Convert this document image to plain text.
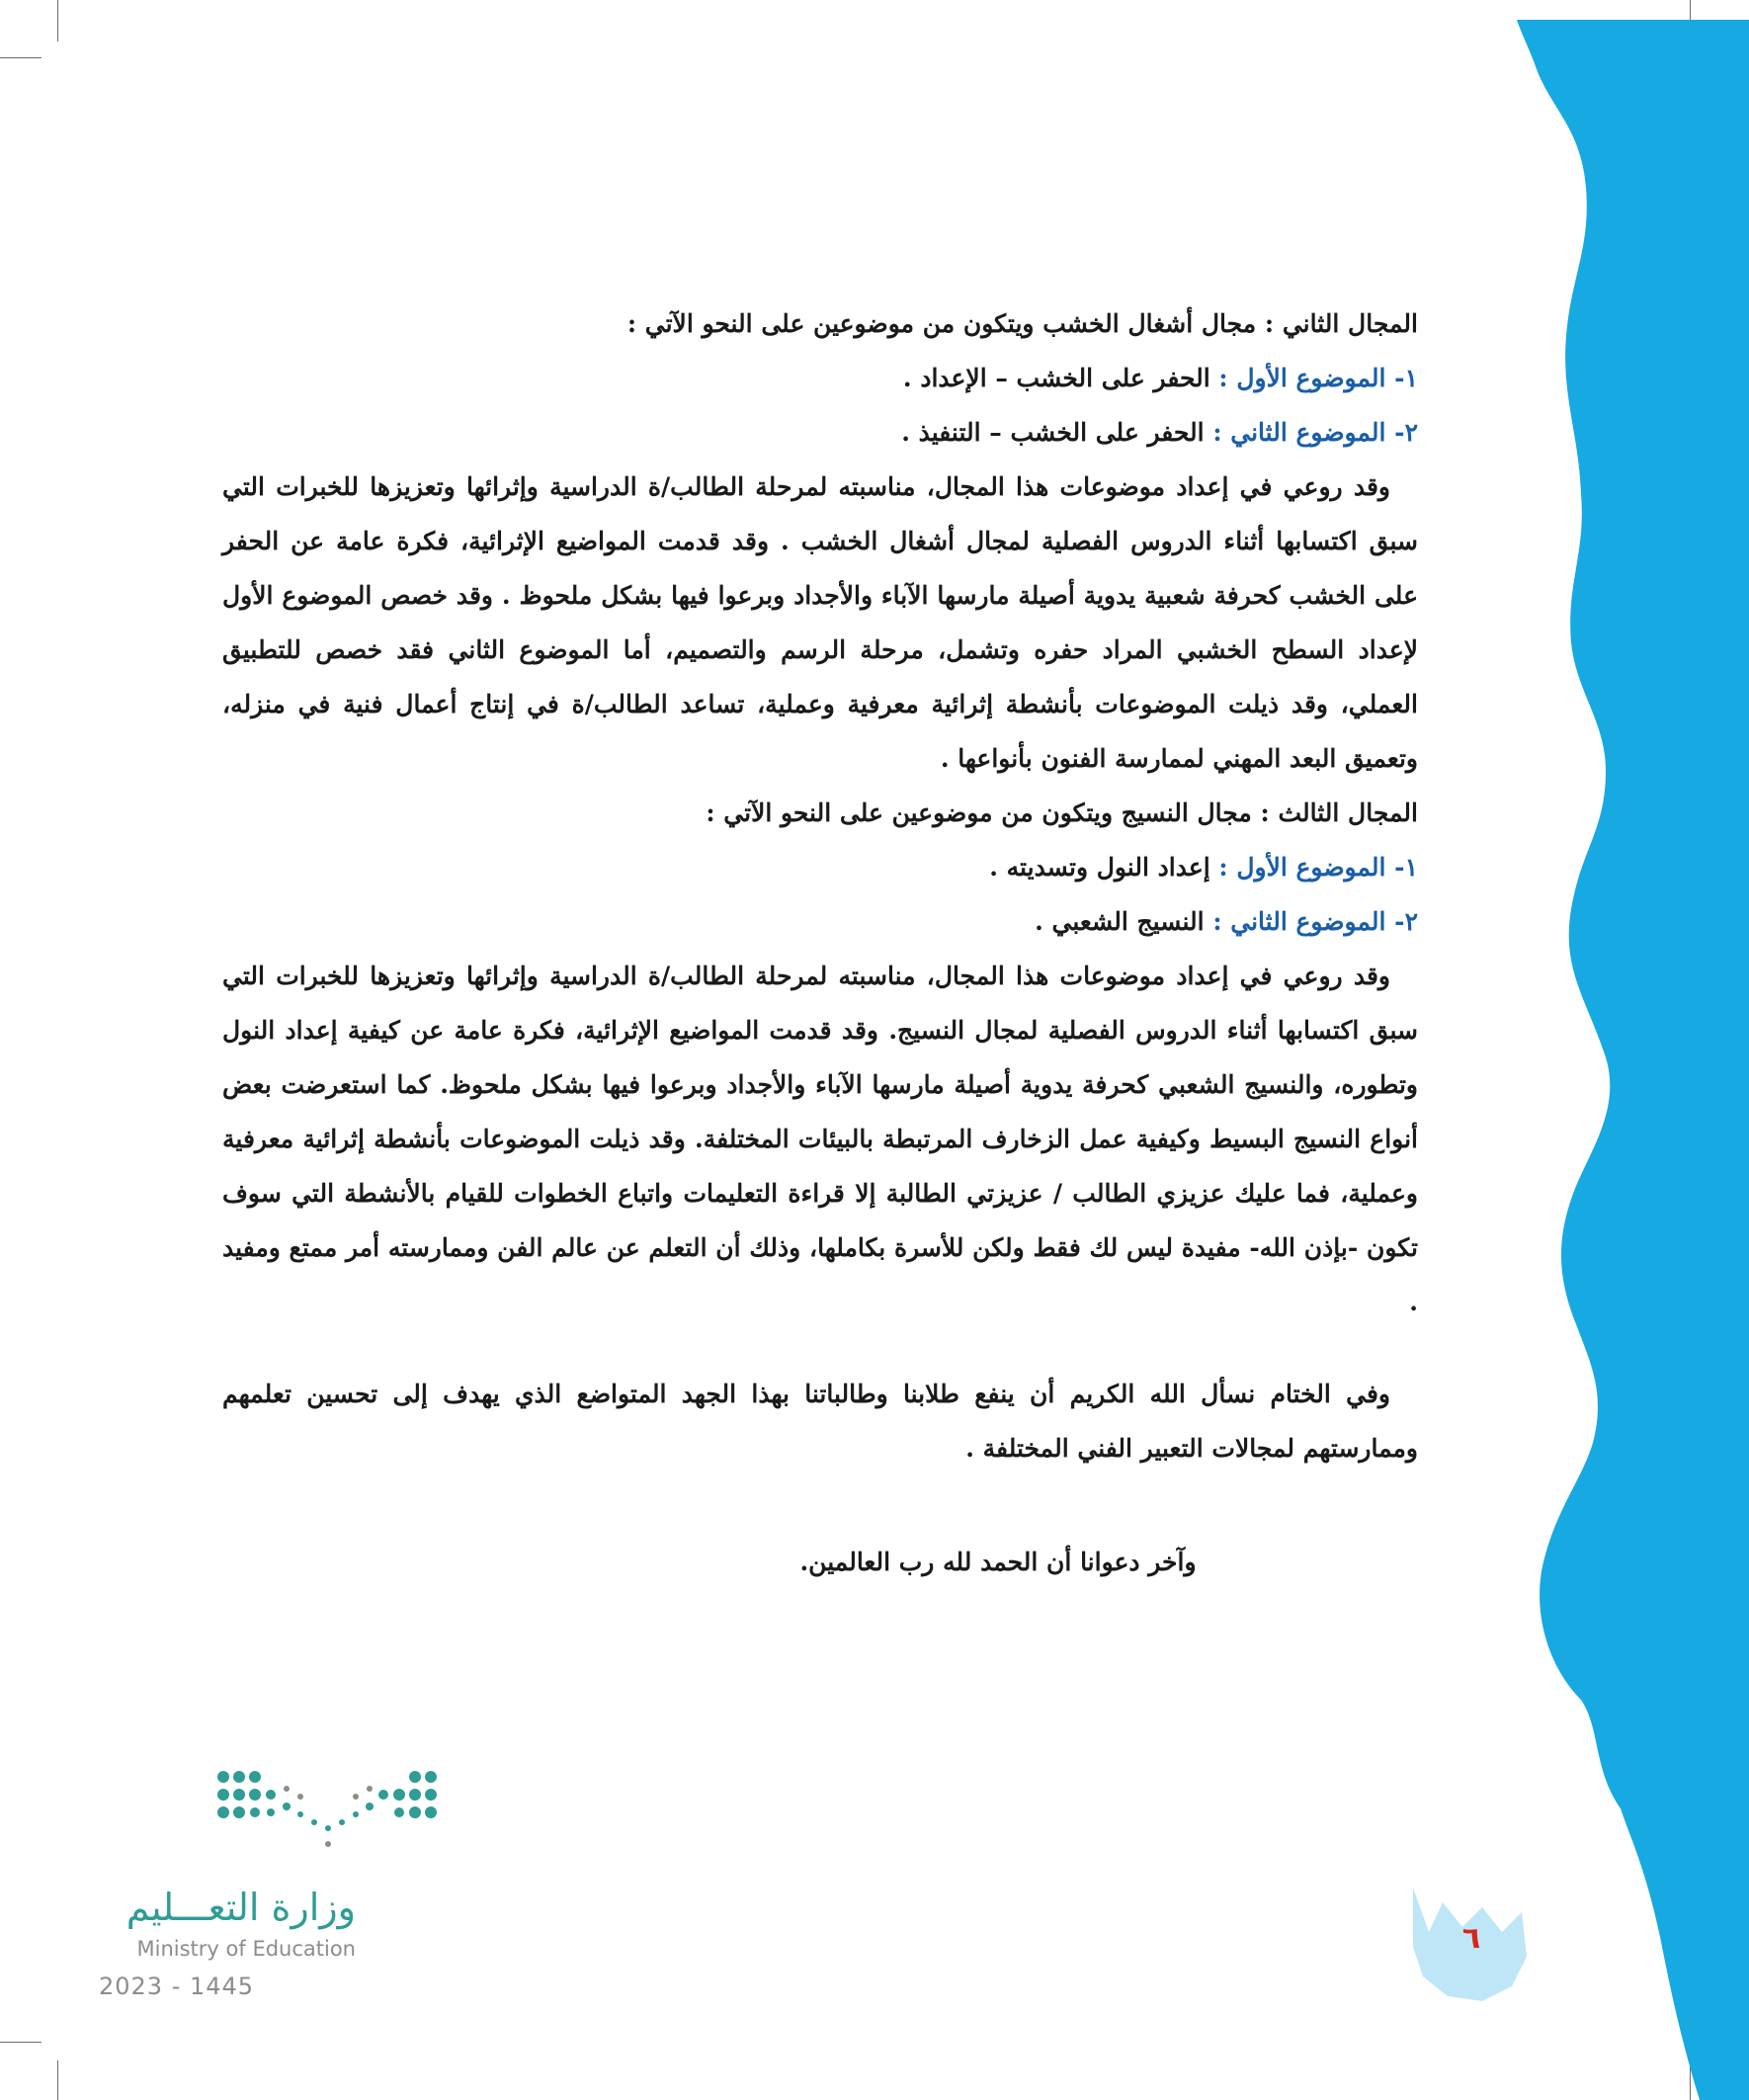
المجال الثاني : مجال أشغال الخشب ويتكون من موضوعين على النحو الآتي :

١- الموضوع الأول : الحفر على الخشب – الإعداد .

٢- الموضوع الثاني : الحفر على الخشب – التنفيذ .

وقد روعي في إعداد موضوعات هذا المجال، مناسبته لمرحلة الطالب/ة الدراسية وإثرائها وتعزيزها للخبرات التي سبق اكتسابها أثناء الدروس الفصلية لمجال أشغال الخشب . وقد قدمت المواضيع الإثرائية، فكرة عامة عن الحفر على الخشب كحرفة شعبية يدوية أصيلة مارسها الآباء والأجداد وبرعوا فيها بشكل ملحوظ . وقد خصص الموضوع الأول لإعداد السطح الخشبي المراد حفره وتشمل، مرحلة الرسم والتصميم، أما الموضوع الثاني فقد خصص للتطبيق العملي، وقد ذيلت الموضوعات بأنشطة إثرائية معرفية وعملية، تساعد الطالب/ة في إنتاج أعمال فنية في منزله، وتعميق البعد المهني لممارسة الفنون بأنواعها .

المجال الثالث : مجال النسيج ويتكون من موضوعين على النحو الآتي :

١- الموضوع الأول : إعداد النول وتسديته .

٢- الموضوع الثاني : النسيج الشعبي .

وقد روعي في إعداد موضوعات هذا المجال، مناسبته لمرحلة الطالب/ة الدراسية وإثرائها وتعزيزها للخبرات التي سبق اكتسابها أثناء الدروس الفصلية لمجال النسيج. وقد قدمت المواضيع الإثرائية، فكرة عامة عن كيفية إعداد النول وتطوره، والنسيج الشعبي كحرفة يدوية أصيلة مارسها الآباء والأجداد وبرعوا فيها بشكل ملحوظ. كما استعرضت بعض أنواع النسيج البسيط وكيفية عمل الزخارف المرتبطة بالبيئات المختلفة. وقد ذيلت الموضوعات بأنشطة إثرائية معرفية وعملية، فما عليك عزيزي الطالب / عزيزتي الطالبة إلا قراءة التعليمات واتباع الخطوات للقيام بالأنشطة التي سوف تكون -بإذن الله- مفيدة ليس لك فقط ولكن للأسرة بكاملها، وذلك أن التعلم عن عالم الفن وممارسته أمر ممتع ومفيد .

وفي الختام نسأل الله الكريم أن ينفع طلابنا وطالباتنا بهذا الجهد المتواضع الذي يهدف إلى تحسين تعلمهم وممارستهم لمجالات التعبير الفني المختلفة .

وآخر دعوانا أن الحمد لله رب العالمين.

وزارة التعـــليم
Ministry of Education
2023 - 1445
٦
